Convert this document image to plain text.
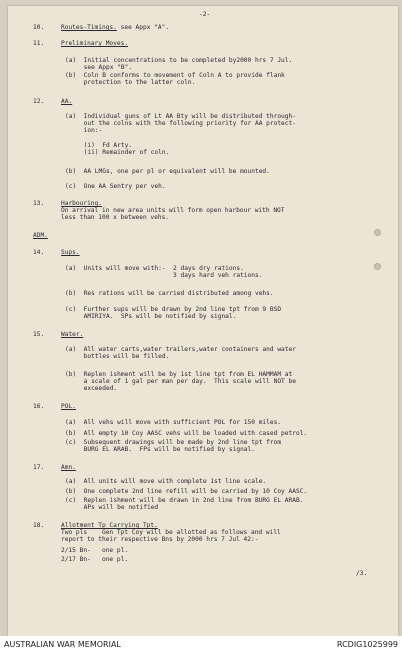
-2-
10.	Routes-Timings. see Appx "A".
11.	Preliminary Moves.
(a)  Initial concentrations to be completed by2000 hrs 7 Jul.
see Appx "B".
(b)  Coln B conforms to movement of Coln A to provide flank
protection to the latter coln.
12.	AA.
(a)  Individual guns of Lt AA Bty will be distributed through-
out the colns with the following priority for AA protect-
ion:-
(i)  Fd Arty.
(ii) Remainder of coln.
(b)  AA LMGs, one per pl or equivalent will be mounted.
(c)  One AA Sentry per veh.
13.	Harbouring.
On arrival in new area units will form open harbour with NOT
less than 100 x between vehs.
ADM.
14.	Sups.
(a)  Units will move with:-  2 days dry rations.
3 days hard veh rations.
(b)  Res rations will be carried distributed among vehs.
(c)  Further sups will be drawn by 2nd line tpt from 9 BSD
AMIRIYA.  SPs will be notified by signal.
15.	Water.
(a)  All water carts,water trailers,water containers and water
bottles will be filled.
(b)  Replen ishment will be by 1st line tpt from EL HAMMAM at
a scale of 1 gal per man per day.  This scale will NOT be
exceeded.
16.	POL.
(a)  All vehs will move with sufficient POL for 150 miles.
(b)  All empty 10 Coy AASC vehs will be loaded with cased petrol.
(c)  Subsequent drawings will be made by 2nd line tpt from
BURG EL ARAB.  FPs will be notified by signal.
17.	Amn.
(a)  All units will move with complete 1st line scale.
(b)  One complete 2nd line refill will be carried by 10 Coy AASC.
(c)  Replen ishment will be drawn in 2nd line from BURG EL ARAB.
APs will be notified
18.	Allotment Tp Carrying Tpt.
Two pls    Gen Tpt Coy will be allotted as follows and will
report to their respective Bns by 2000 hrs 7 Jul 42:-
2/15 Bn-   one pl.
2/17 Bn-   one pl.
/3.
AUSTRALIAN WAR MEMORIAL	RCDIG1025999
